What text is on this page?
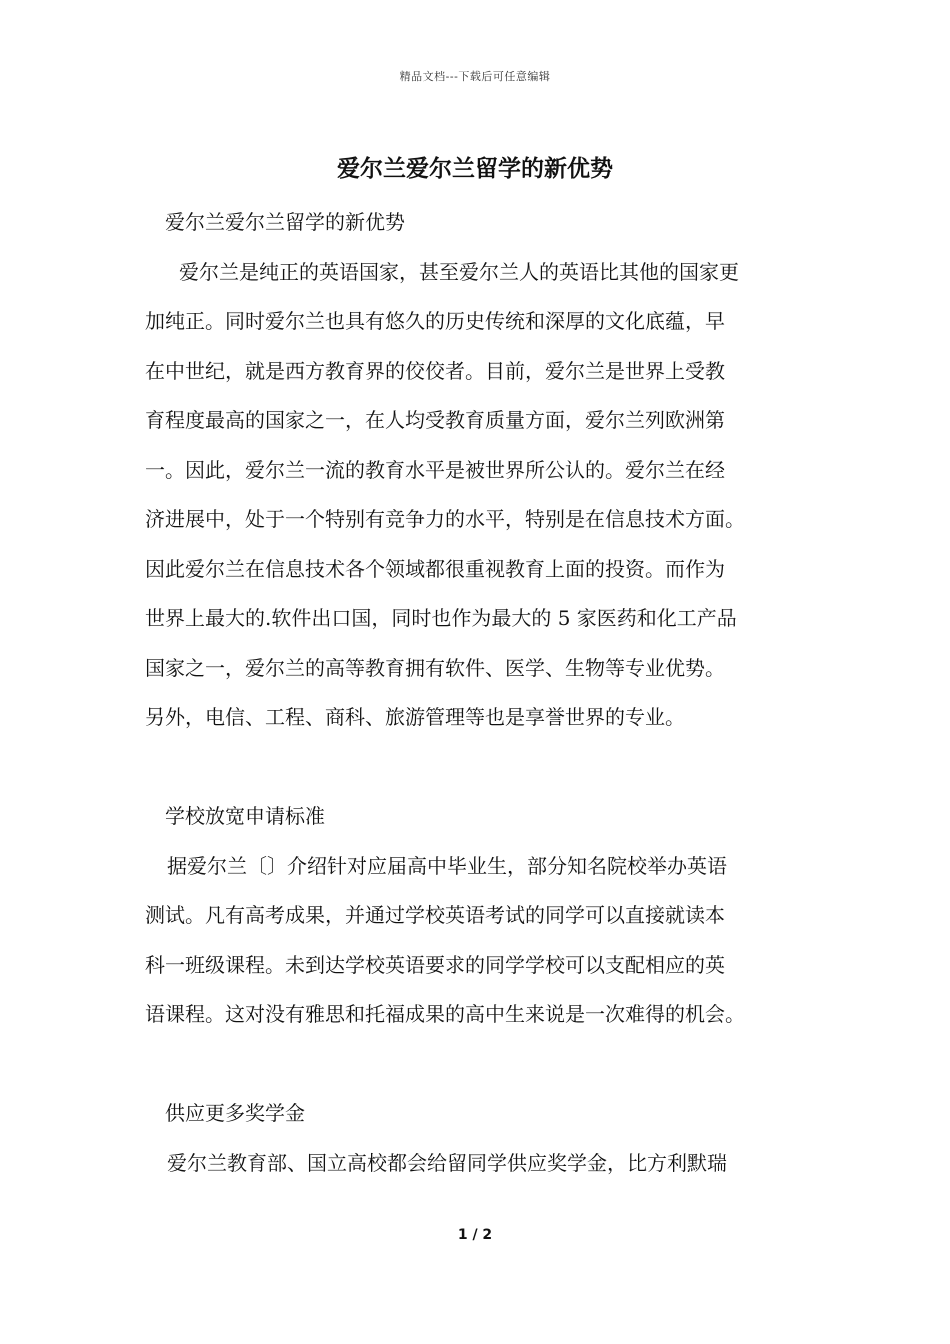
精品文档---下载后可任意编辑
爱尔兰爱尔兰留学的新优势
爱尔兰爱尔兰留学的新优势
爱尔兰是纯正的英语国家，甚至爱尔兰人的英语比其他的国家更
加纯正。同时爱尔兰也具有悠久的历史传统和深厚的文化底蕴，早
在中世纪，就是西方教育界的佼佼者。目前，爱尔兰是世界上受教
育程度最高的国家之一，在人均受教育质量方面，爱尔兰列欧洲第
一。因此，爱尔兰一流的教育水平是被世界所公认的。爱尔兰在经
济进展中，处于一个特别有竞争力的水平，特别是在信息技术方面。
因此爱尔兰在信息技术各个领域都很重视教育上面的投资。而作为
世界上最大的.软件出口国，同时也作为最大的 5 家医药和化工产品
国家之一，爱尔兰的高等教育拥有软件、医学、生物等专业优势。
另外，电信、工程、商科、旅游管理等也是享誉世界的专业。
学校放宽申请标准
据爱尔兰〔〕介绍针对应届高中毕业生，部分知名院校举办英语
测试。凡有高考成果，并通过学校英语考试的同学可以直接就读本
科一班级课程。未到达学校英语要求的同学学校可以支配相应的英
语课程。这对没有雅思和托福成果的高中生来说是一次难得的机会。
供应更多奖学金
爱尔兰教育部、国立高校都会给留同学供应奖学金，比方利默瑞
1 / 2
